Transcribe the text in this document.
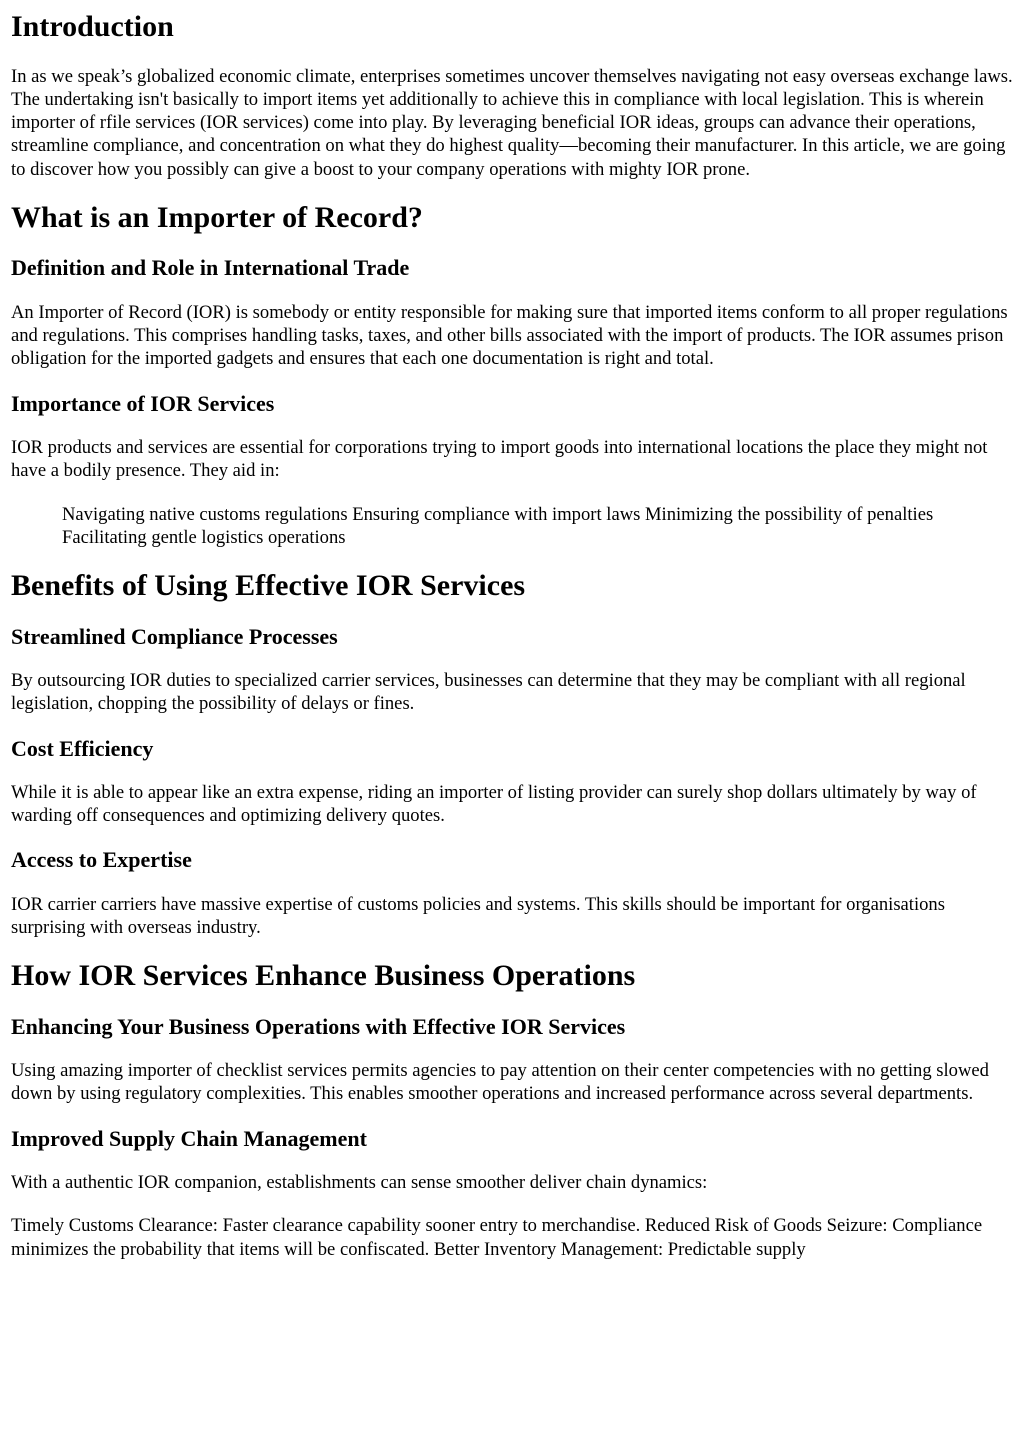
Introduction

In as we speak’s globalized economic climate, enterprises sometimes uncover themselves navigating not easy overseas exchange laws. The undertaking isn't basically to import items yet additionally to achieve this in compliance with local legislation. This is wherein importer of rfile services (IOR services) come into play. By leveraging beneficial IOR ideas, groups can advance their operations, streamline compliance, and concentration on what they do highest quality—becoming their manufacturer. In this article, we are going to discover how you possibly can give a boost to your company operations with mighty IOR prone.

What is an Importer of Record?
Definition and Role in International Trade

An Importer of Record (IOR) is somebody or entity responsible for making sure that imported items conform to all proper regulations and regulations. This comprises handling tasks, taxes, and other bills associated with the import of products. The IOR assumes prison obligation for the imported gadgets and ensures that each one documentation is right and total.

Importance of IOR Services

IOR products and services are essential for corporations trying to import goods into international locations the place they might not have a bodily presence. They aid in:

Navigating native customs regulations Ensuring compliance with import laws Minimizing the possibility of penalties Facilitating gentle logistics operations
Benefits of Using Effective IOR Services
Streamlined Compliance Processes

By outsourcing IOR duties to specialized carrier services, businesses can determine that they may be compliant with all regional legislation, chopping the possibility of delays or fines.

Cost Efficiency

While it is able to appear like an extra expense, riding an importer of listing provider can surely shop dollars ultimately by way of warding off consequences and optimizing delivery quotes.

Access to Expertise

IOR carrier carriers have massive expertise of customs policies and systems. This skills should be important for organisations surprising with overseas industry.

How IOR Services Enhance Business Operations
Enhancing Your Business Operations with Effective IOR Services

Using amazing importer of checklist services permits agencies to pay attention on their center competencies with no getting slowed down by using regulatory complexities. This enables smoother operations and increased performance across several departments.

Improved Supply Chain Management

With a authentic IOR companion, establishments can sense smoother deliver chain dynamics:

Timely Customs Clearance: Faster clearance capability sooner entry to merchandise. Reduced Risk of Goods Seizure: Compliance minimizes the probability that items will be confiscated. Better Inventory Management: Predictable supply
